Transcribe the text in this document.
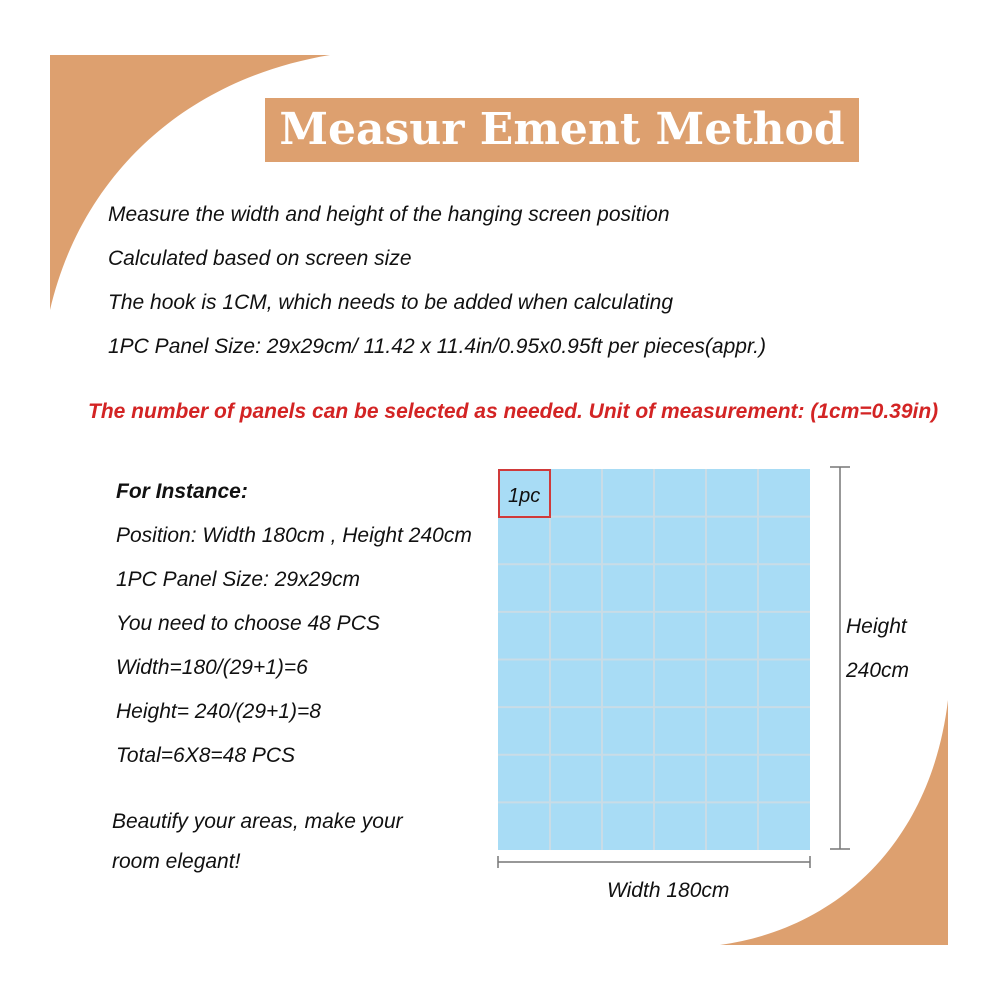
Measur Ement Method

Measure the width and height of the hanging screen position

Calculated based on screen size

The hook is 1CM, which needs to be added when calculating

1PC Panel Size: 29x29cm/ 11.42 x 11.4in/0.95x0.95ft per pieces(appr.)

The number of panels can be selected as needed. Unit of measurement: (1cm=0.39in)

For Instance:

Position: Width 180cm , Height 240cm

1PC Panel Size: 29x29cm

You need to choose 48 PCS

Width=180/(29+1)=6

Height= 240/(29+1)=8

Total=6X8=48 PCS

Beautify your areas, make your

room elegant!

1pc
Height
240cm
Width 180cm
